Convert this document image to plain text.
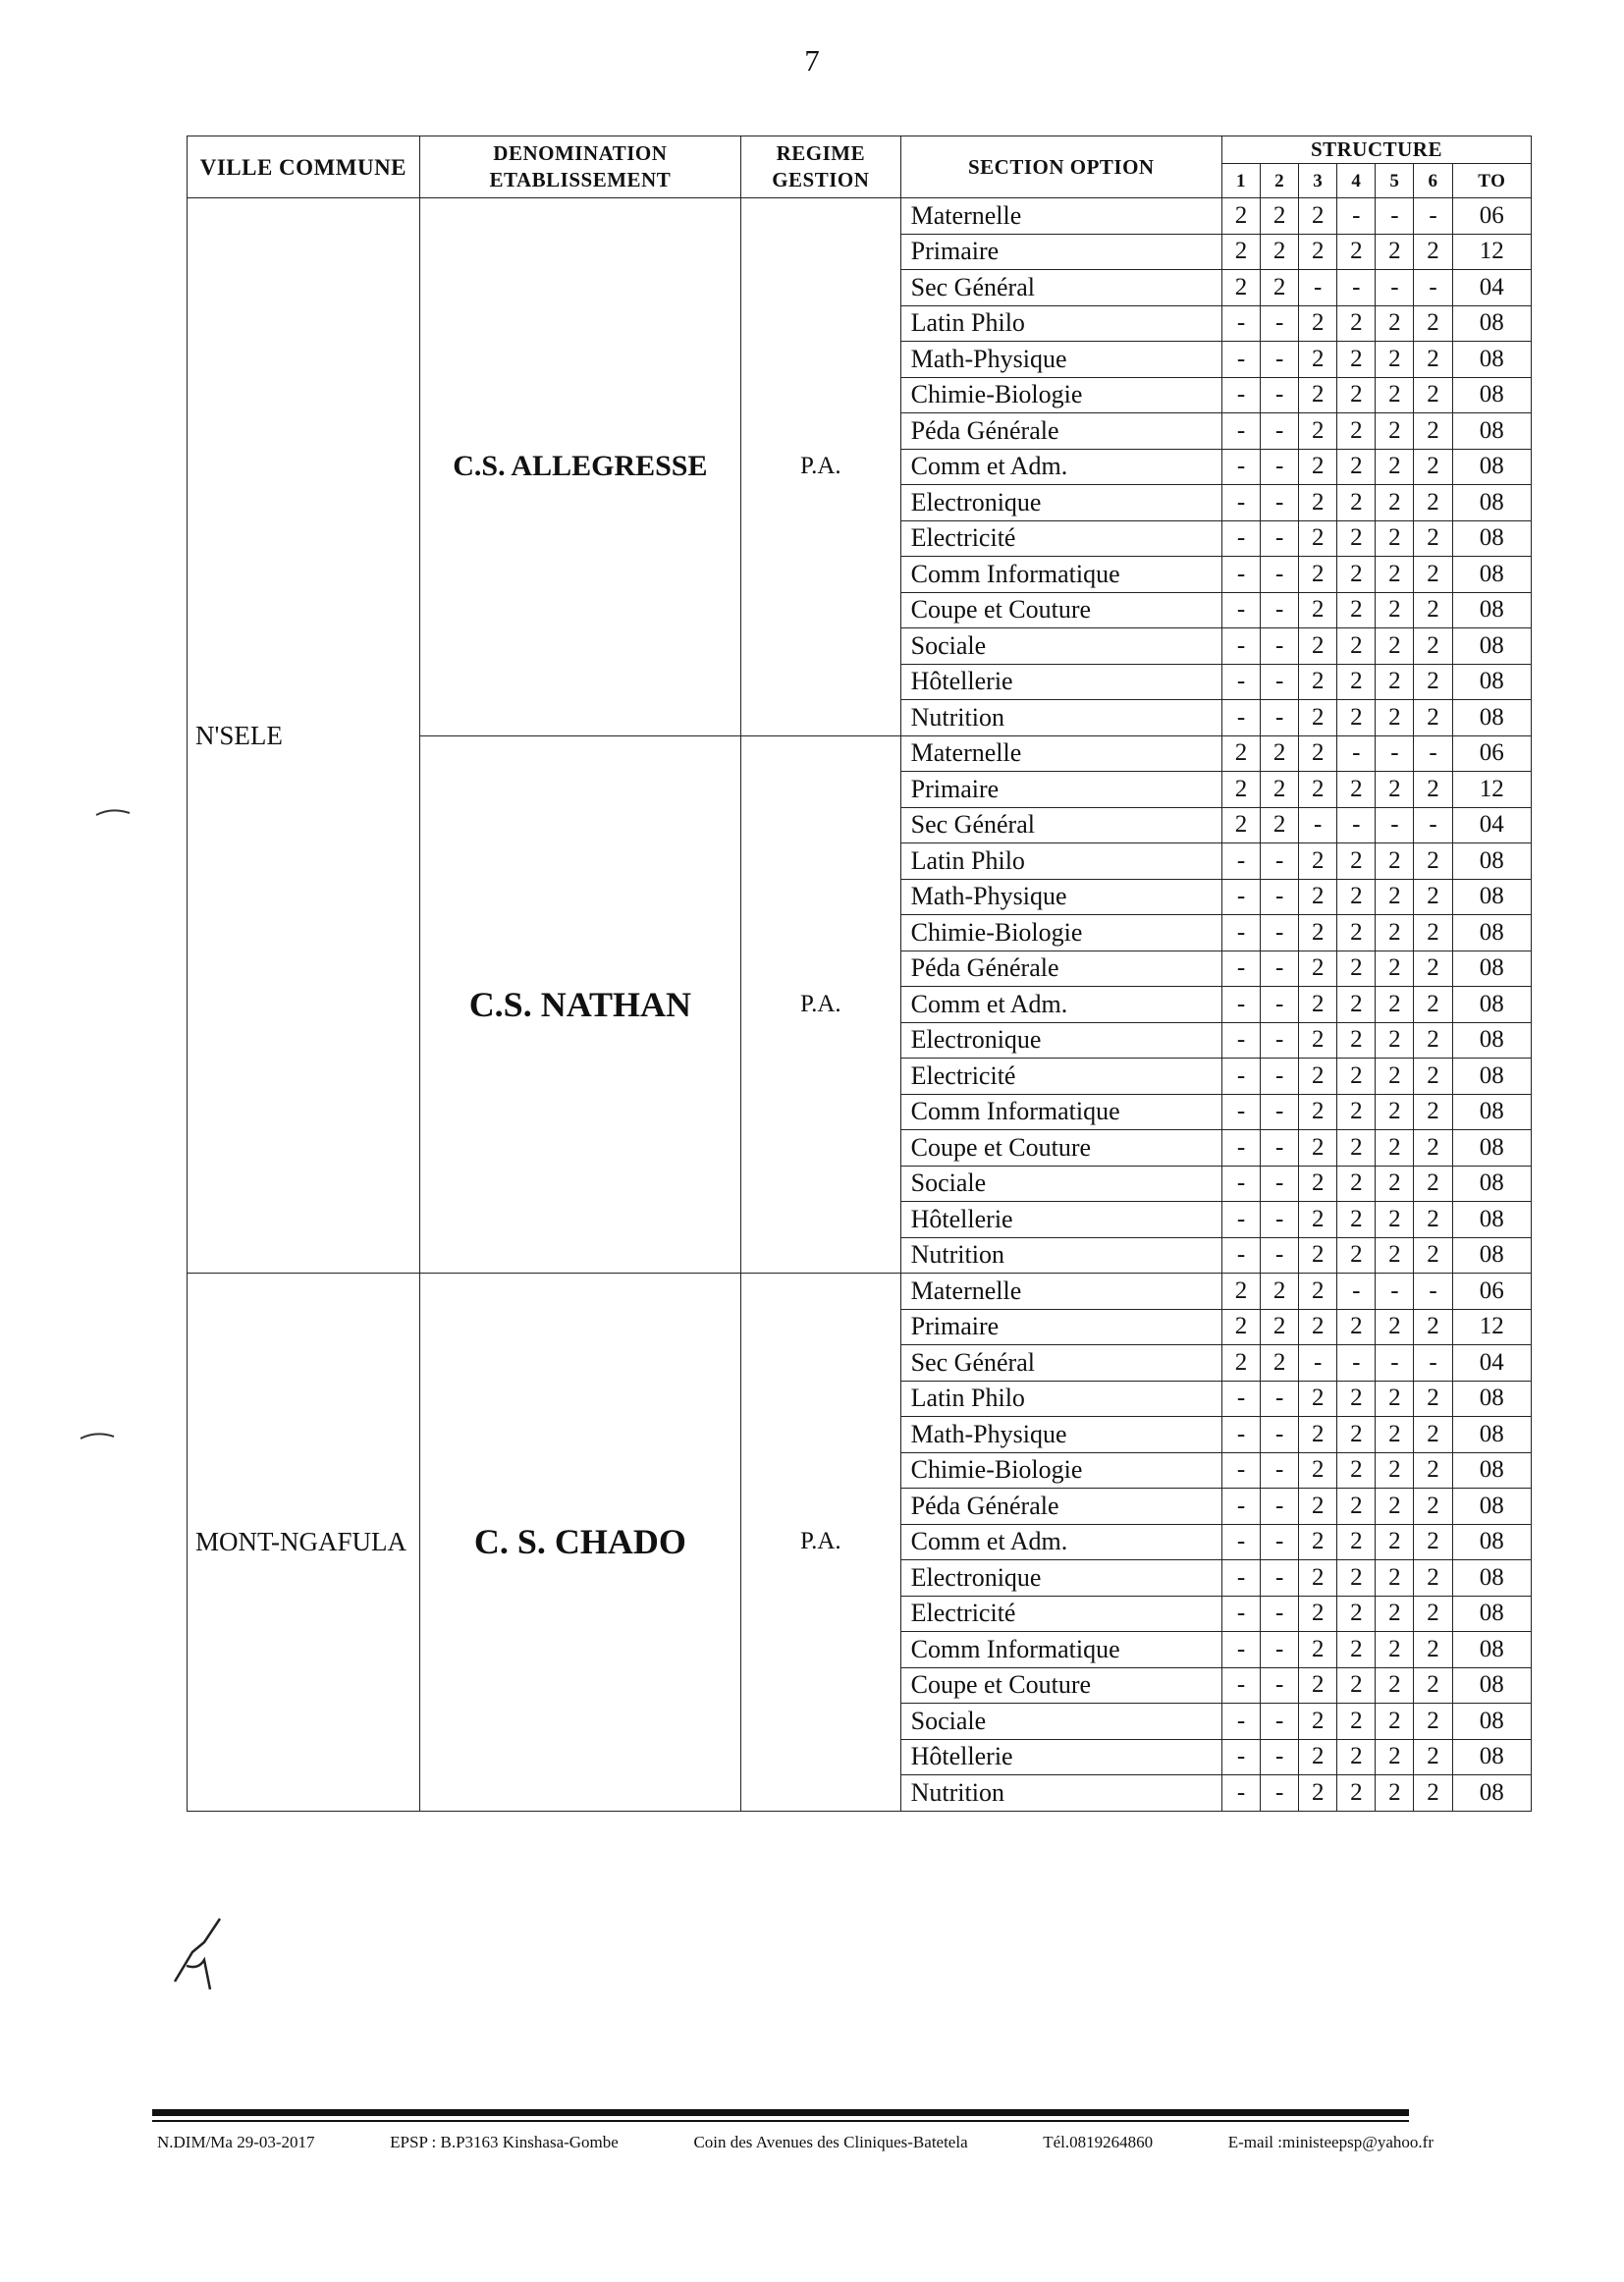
7
VILLE COMMUNE	DENOMINATION ETABLISSEMENT	REGIME GESTION	SECTION OPTION	STRUCTURE						
				1	2	3	4	5	6	TO
N'SELE	C.S. ALLEGRESSE	P.A.	Maternelle	2	2	2	-	-	-	06
			Primaire	2	2	2	2	2	2	12
			Sec Général	2	2	-	-	-	-	04
			Latin Philo	-	-	2	2	2	2	08
			Math-Physique	-	-	2	2	2	2	08
			Chimie-Biologie	-	-	2	2	2	2	08
			Péda Générale	-	-	2	2	2	2	08
			Comm et Adm.	-	-	2	2	2	2	08
			Electronique	-	-	2	2	2	2	08
			Electricité	-	-	2	2	2	2	08
			Comm Informatique	-	-	2	2	2	2	08
			Coupe et Couture	-	-	2	2	2	2	08
			Sociale	-	-	2	2	2	2	08
			Hôtellerie	-	-	2	2	2	2	08
			Nutrition	-	-	2	2	2	2	08
	C.S. NATHAN	P.A.	Maternelle	2	2	2	-	-	-	06
			Primaire	2	2	2	2	2	2	12
			Sec Général	2	2	-	-	-	-	04
			Latin Philo	-	-	2	2	2	2	08
			Math-Physique	-	-	2	2	2	2	08
			Chimie-Biologie	-	-	2	2	2	2	08
			Péda Générale	-	-	2	2	2	2	08
			Comm et Adm.	-	-	2	2	2	2	08
			Electronique	-	-	2	2	2	2	08
			Electricité	-	-	2	2	2	2	08
			Comm Informatique	-	-	2	2	2	2	08
			Coupe et Couture	-	-	2	2	2	2	08
			Sociale	-	-	2	2	2	2	08
			Hôtellerie	-	-	2	2	2	2	08
			Nutrition	-	-	2	2	2	2	08
MONT-NGAFULA	C. S. CHADO	P.A.	Maternelle	2	2	2	-	-	-	06
			Primaire	2	2	2	2	2	2	12
			Sec Général	2	2	-	-	-	-	04
			Latin Philo	-	-	2	2	2	2	08
			Math-Physique	-	-	2	2	2	2	08
			Chimie-Biologie	-	-	2	2	2	2	08
			Péda Générale	-	-	2	2	2	2	08
			Comm et Adm.	-	-	2	2	2	2	08
			Electronique	-	-	2	2	2	2	08
			Electricité	-	-	2	2	2	2	08
			Comm Informatique	-	-	2	2	2	2	08
			Coupe et Couture	-	-	2	2	2	2	08
			Sociale	-	-	2	2	2	2	08
			Hôtellerie	-	-	2	2	2	2	08
			Nutrition	-	-	2	2	2	2	08
N.DIM/Ma 29-03-2017	EPSP : B.P3163 Kinshasa-Gombe	Coin des Avenues des Cliniques-Batetela	Tél.0819264860	E-mail :ministeepsp@yahoo.fr
